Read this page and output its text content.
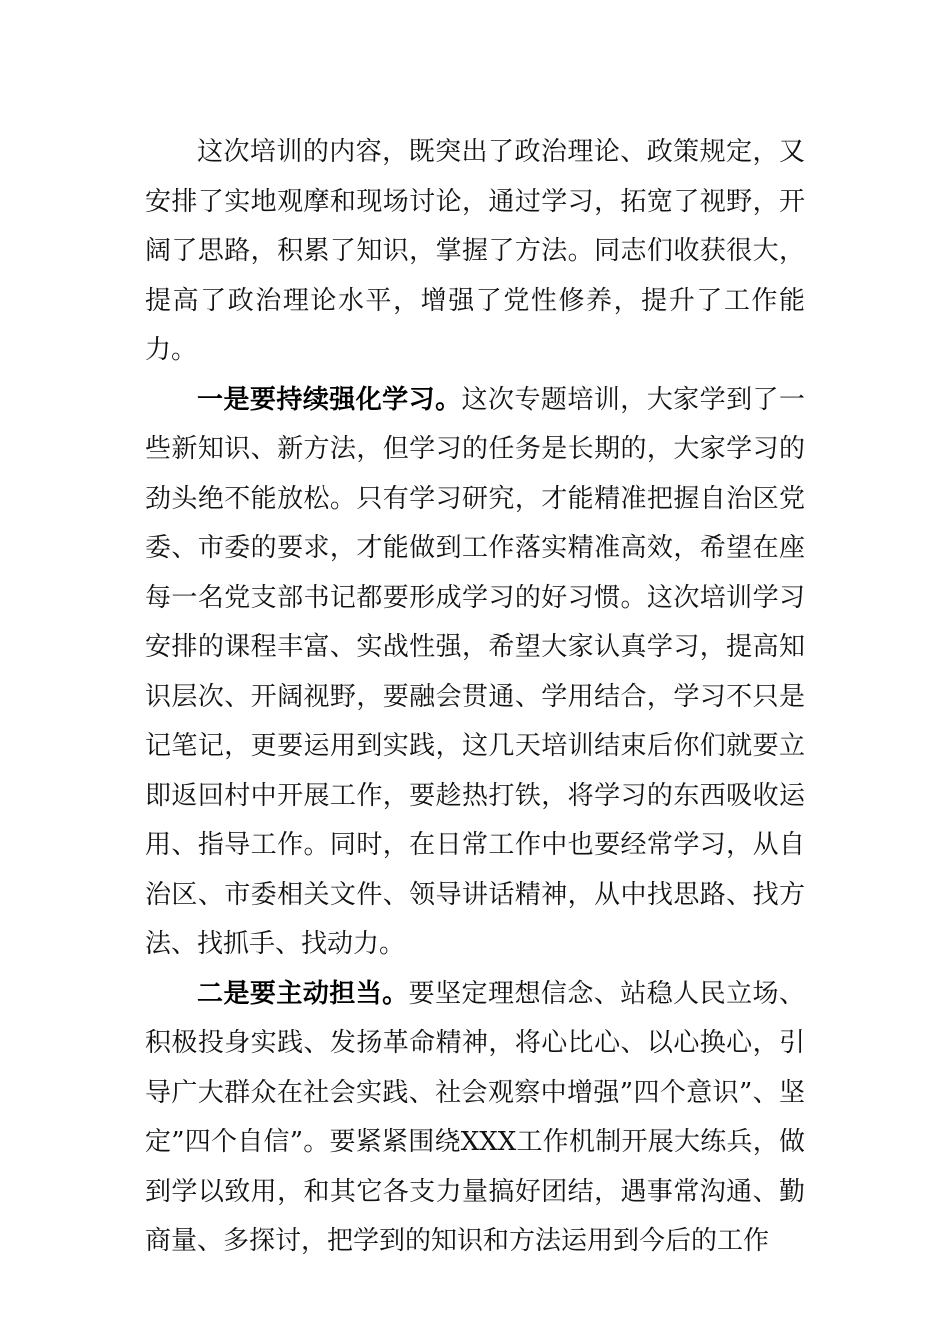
这次培训的内容，既突出了政治理论、政策规定，又安排了实地观摩和现场讨论，通过学习，拓宽了视野，开阔了思路，积累了知识，掌握了方法。同志们收获很大，提高了政治理论水平，增强了党性修养，提升了工作能力。

一是要持续强化学习。这次专题培训，大家学到了一些新知识、新方法，但学习的任务是长期的，大家学习的劲头绝不能放松。只有学习研究，才能精准把握自治区党委、市委的要求，才能做到工作落实精准高效，希望在座每一名党支部书记都要形成学习的好习惯。这次培训学习安排的课程丰富、实战性强，希望大家认真学习，提高知识层次、开阔视野，要融会贯通、学用结合，学习不只是记笔记，更要运用到实践，这几天培训结束后你们就要立即返回村中开展工作，要趁热打铁，将学习的东西吸收运用、指导工作。同时，在日常工作中也要经常学习，从自治区、市委相关文件、领导讲话精神，从中找思路、找方法、找抓手、找动力。

二是要主动担当。要坚定理想信念、站稳人民立场、积极投身实践、发扬革命精神，将心比心、以心换心，引导广大群众在社会实践、社会观察中增强”四个意识”、坚定”四个自信”。要紧紧围绕XXX工作机制开展大练兵，做到学以致用，和其它各支力量搞好团结，遇事常沟通、勤商量、多探讨，把学到的知识和方法运用到今后的工作
